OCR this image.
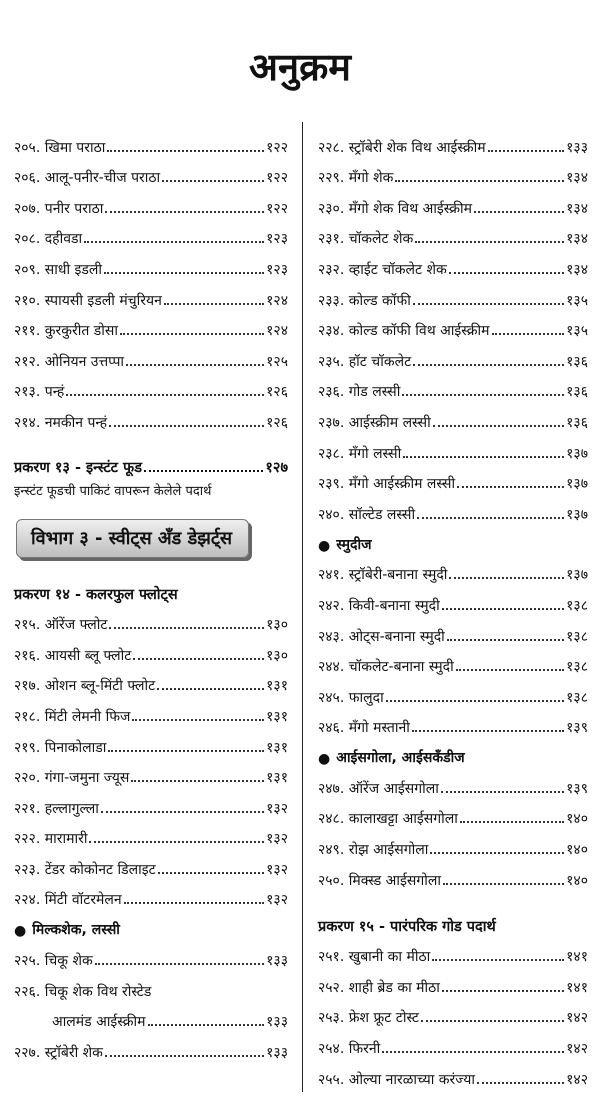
अनुक्रम
२०५. खिमा पराठा	१२२
२०६. आलू-पनीर-चीज पराठा	१२२
२०७. पनीर पराठा	१२२
२०८. दहीवडा	१२३
२०९. साधी इडली	१२३
२१०. स्पायसी इडली मंचुरियन	१२४
२११. कुरकुरीत डोसा	१२४
२१२. ओनियन उत्तप्पा	१२५
२१३. पन्हं	१२६
२१४. नमकीन पन्हं	१२६
प्रकरण १३ - इन्स्टंट फूड	१२७
इन्स्टंट फूडची पाकिटं वापरून केलेले पदार्थ
विभाग ३ - स्वीट्स अँड डेझर्ट्स
प्रकरण १४ - कलरफुल फ्लोट्स
२१५. ऑरेंज फ्लोट	१३०
२१६. आयसी ब्लू फ्लोट	१३०
२१७. ओशन ब्लू-मिंटी फ्लोट	१३१
२१८. मिंटी लेमनी फिज	१३१
२१९. पिनाकोलाडा	१३१
२२०. गंगा-जमुना ज्यूस	१३१
२२१. हल्लागुल्ला	१३२
२२२. मारामारी	१३२
२२३. टेंडर कोकोनट डिलाइट	१३२
२२४. मिंटी वॉटरमेलन	१३२
● मिल्कशेक, लस्सी
२२५. चिकू शेक	१३३
२२६. चिकू शेक विथ रोस्टेड
आलमंड आईस्क्रीम	१३३
२२७. स्ट्रॉबेरी शेक	१३३
२२८. स्ट्रॉबेरी शेक विथ आईस्क्रीम	१३३
२२९. मँगो शेक	१३४
२३०. मँगो शेक विथ आईस्क्रीम	१३४
२३१. चॉकलेट शेक	१३४
२३२. व्हाईट चॉकलेट शेक	१३४
२३३. कोल्ड कॉफी	१३५
२३४. कोल्ड कॉफी विथ आईस्क्रीम	१३५
२३५. हॉट चॉकलेट	१३६
२३६. गोड लस्सी	१३६
२३७. आईस्क्रीम लस्सी	१३६
२३८. मँगो लस्सी	१३७
२३९. मँगो आईस्क्रीम लस्सी	१३७
२४०. सॉल्टेड लस्सी	१३७
● स्मुदीज
२४१. स्ट्रॉबेरी-बनाना स्मुदी	१३७
२४२. किवी-बनाना स्मुदी	१३८
२४३. ओट्स-बनाना स्मुदी	१३८
२४४. चॉकलेट-बनाना स्मुदी	१३८
२४५. फालुदा	१३८
२४६. मँगो मस्तानी	१३९
● आईसगोला, आईसकँडीज
२४७. ऑरेंज आईसगोला	१३९
२४८. कालाखट्टा आईसगोला	१४०
२४९. रोझ आईसगोला	१४०
२५०. मिक्स्ड आईसगोला	१४०
प्रकरण १५ - पारंपरिक गोड पदार्थ
२५१. खुबानी का मीठा	१४१
२५२. शाही ब्रेड का मीठा	१४१
२५३. फ्रेश फ्रूट टोस्ट	१४२
२५४. फिरनी	१४२
२५५. ओल्या नारळाच्या करंज्या	१४२
